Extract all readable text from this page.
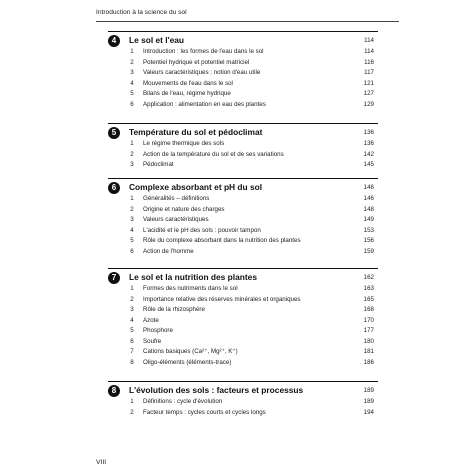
Introduction à la science du sol
4	Le sol et l'eau	114
1	Introduction : les formes de l'eau dans le sol	114
2	Potentiel hydrique et potentiel matriciel	116
3	Valeurs caractéristiques : notion d'eau utile	117
4	Mouvements de l'eau dans le sol	121
5	Bilans de l'eau, régime hydrique	127
6	Application : alimentation en eau des plantes	129
5	Température du sol et pédoclimat	136
1	Le régime thermique des sols	136
2	Action de la température du sol et de ses variations	142
3	Pédoclimat	145
6	Complexe absorbant et pH du sol	146
1	Généralités – définitions	146
2	Origine et nature des charges	148
3	Valeurs caractéristiques	149
4	L'acidité et le pH des sols : pouvoir tampon	153
5	Rôle du complexe absorbant dans la nutrition des plantes	156
6	Action de l'homme	159
7	Le sol et la nutrition des plantes	162
1	Formes des nutriments dans le sol	163
2	Importance relative des réserves minérales et organiques	165
3	Rôle de la rhizosphère	168
4	Azote	170
5	Phosphore	177
6	Soufre	180
7	Cations basiques (Ca²⁺, Mg²⁺, K⁺)	181
8	Oligo-éléments (éléments-trace)	186
8	L'évolution des sols : facteurs et processus	189
1	Définitions : cycle d'évolution	189
2	Facteur temps : cycles courts et cycles longs	194
VIII
